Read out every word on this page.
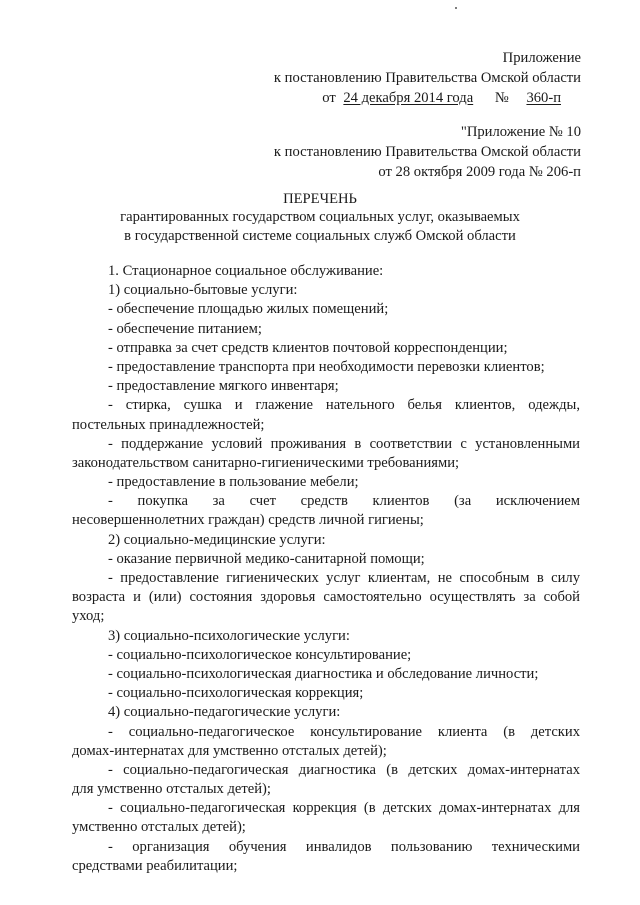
Приложение
к постановлению Правительства Омской области
от 24 декабря 2014 года № 360-п
"Приложение № 10
к постановлению Правительства Омской области
от 28 октября 2009 года № 206-п
ПЕРЕЧЕНЬ
гарантированных государством социальных услуг, оказываемых
в государственной системе социальных служб Омской области

1. Стационарное социальное обслуживание:

1) социально-бытовые услуги:

- обеспечение площадью жилых помещений;

- обеспечение питанием;

- отправка за счет средств клиентов почтовой корреспонденции;

- предоставление транспорта при необходимости перевозки клиентов;

- предоставление мягкого инвентаря;

- стирка, сушка и глажение нательного белья клиентов, одежды,

постельных принадлежностей;

- поддержание условий проживания в соответствии с установленными

законодательством санитарно-гигиеническими требованиями;

- предоставление в пользование мебели;

- покупка за счет средств клиентов (за исключением

несовершеннолетних граждан) средств личной гигиены;

2) социально-медицинские услуги:

- оказание первичной медико-санитарной помощи;

- предоставление гигиенических услуг клиентам, не способным в силу

возраста и (или) состояния здоровья самостоятельно осуществлять за собой

уход;

3) социально-психологические услуги:

- социально-психологическое консультирование;

- социально-психологическая диагностика и обследование личности;

- социально-психологическая коррекция;

4) социально-педагогические услуги:

- социально-педагогическое консультирование клиента (в детских

домах-интернатах для умственно отсталых детей);

- социально-педагогическая диагностика (в детских домах-интернатах

для умственно отсталых детей);

- социально-педагогическая коррекция (в детских домах-интернатах для

умственно отсталых детей);

- организация обучения инвалидов пользованию техническими

средствами реабилитации;
